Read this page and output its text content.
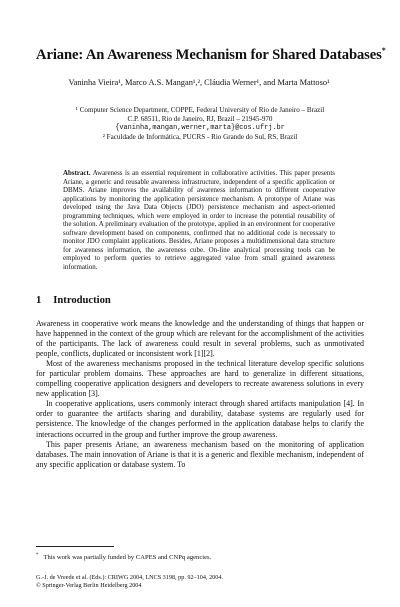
Ariane: An Awareness Mechanism for Shared Databases*
Vaninha Vieira¹, Marco A.S. Mangan¹,², Cláudia Werner¹, and Marta Mattoso¹
¹ Computer Science Department, COPPE, Federal University of Rio de Janeiro – Brazil
C.P. 68511, Rio de Janeiro, RJ, Brazil – 21945-970
{vaninha,mangan,werner,marta}@cos.ufrj.br
² Faculdade de Informática, PUCRS - Rio Grande do Sul, RS, Brazil
Abstract. Awareness is an essential requirement in collaborative activities. This paper presents Ariane, a generic and reusable awareness infrastructure, independent of a specific application or DBMS. Ariane improves the availability of awareness information to different cooperative applications by monitoring the application persistence mechanism. A prototype of Ariane was developed using the Java Data Objects (JDO) persistence mechanism and aspect-oriented programming techniques, which were employed in order to increase the potential reusability of the solution. A preliminary evaluation of the prototype, applied in an environment for cooperative software development based on components, confirmed that no additional code is necessary to monitor JDO complaint applications. Besides, Ariane proposes a multidimensional data structure for awareness information, the awareness cube. On-line analytical processing tools can be employed to perform queries to retrieve aggregated value from small grained awareness information.
1 Introduction

Awareness in cooperative work means the knowledge and the understanding of things that happen or have happenned in the context of the group which are relevant for the accomplishment of the activities of the participants. The lack of awareness could result in several problems, such as unmotivated people, conflicts, duplicated or inconsistent work [1][2].

Most of the awareness mechanisms proposed in the technical literature develop specific solutions for particular problem domains. These approaches are hard to generalize in different situations, compelling cooperative application designers and developers to recreate awareness solutions in every new application [3].

In cooperative applications, users commonly interact through shared artifacts manipulation [4]. In order to guarantee the artifacts sharing and durability, database systems are regularly used for persistence. The knowledge of the changes performed in the application database helps to clarify the interactions occurred in the group and further improve the group awareness.

This paper presents Ariane, an awareness mechanism based on the monitoring of application databases. The main innovation of Ariane is that it is a generic and flexible mechanism, independent of any specific application or database system. To

* This work was partially funded by CAPES and CNPq agencies.
G.-J. de Vreede et al. (Eds.): CRIWG 2004, LNCS 3198, pp. 92–104, 2004.
© Springer-Verlag Berlin Heidelberg 2004
